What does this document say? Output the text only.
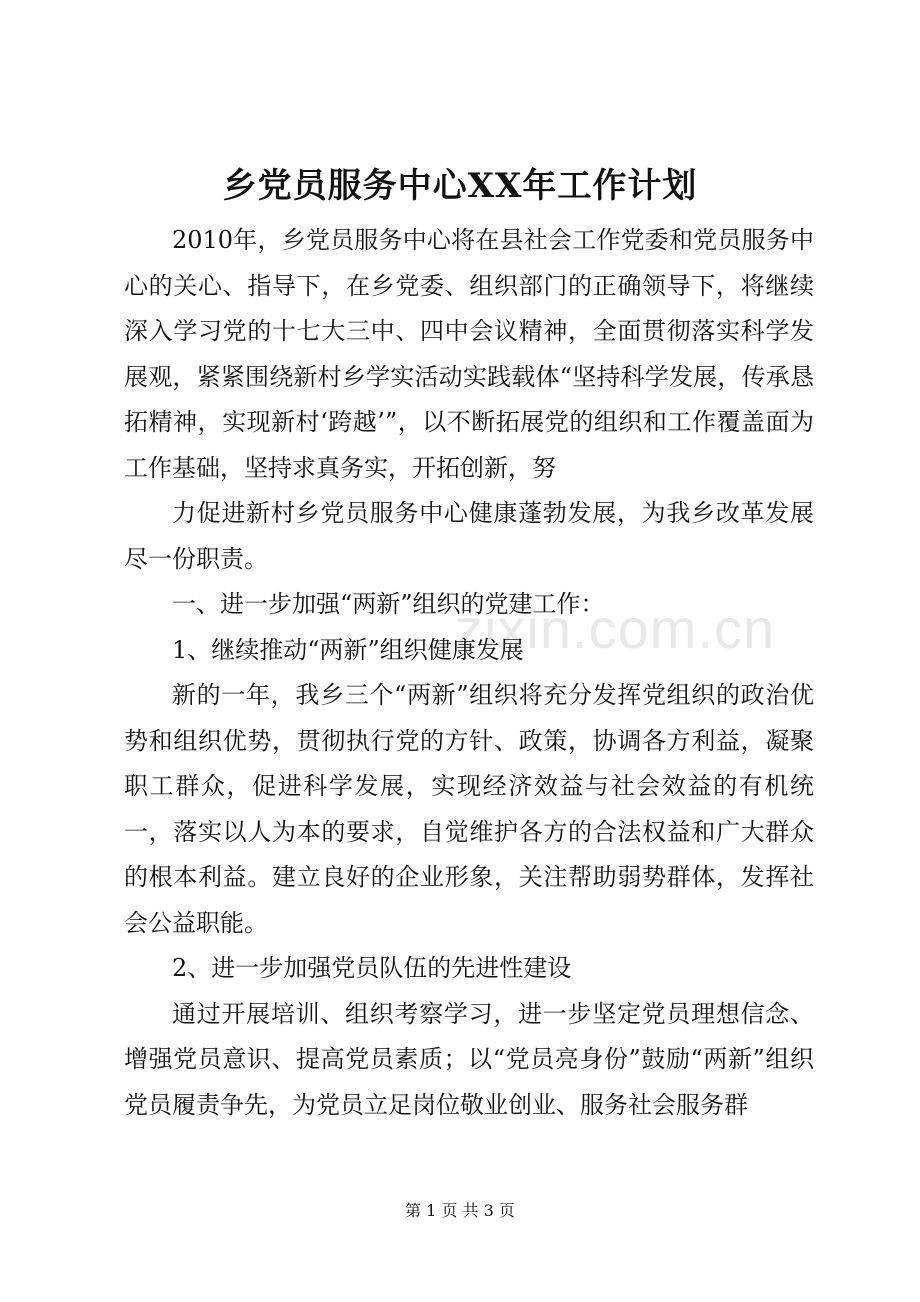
zixin.com.cn
乡党员服务中心XX年工作计划

2010年，乡党员服务中心将在县社会工作党委和党员服务中心的关心、指导下，在乡党委、组织部门的正确领导下，将继续深入学习党的十七大三中、四中会议精神，全面贯彻落实科学发展观，紧紧围绕新村乡学实活动实践载体“坚持科学发展，传承恳拓精神，实现新村‘跨越’”，以不断拓展党的组织和工作覆盖面为工作基础，坚持求真务实，开拓创新，努

力促进新村乡党员服务中心健康蓬勃发展，为我乡改革发展尽一份职责。

一、进一步加强“两新”组织的党建工作：

1、继续推动“两新”组织健康发展

新的一年，我乡三个“两新”组织将充分发挥党组织的政治优势和组织优势，贯彻执行党的方针、政策，协调各方利益，凝聚职工群众，促进科学发展，实现经济效益与社会效益的有机统一，落实以人为本的要求，自觉维护各方的合法权益和广大群众的根本利益。建立良好的企业形象，关注帮助弱势群体，发挥社会公益职能。

2、进一步加强党员队伍的先进性建设

通过开展培训、组织考察学习，进一步坚定党员理想信念、增强党员意识、提高党员素质；以“党员亮身份”鼓励“两新”组织党员履责争先，为党员立足岗位敬业创业、服务社会服务群

第 1 页 共 3 页
